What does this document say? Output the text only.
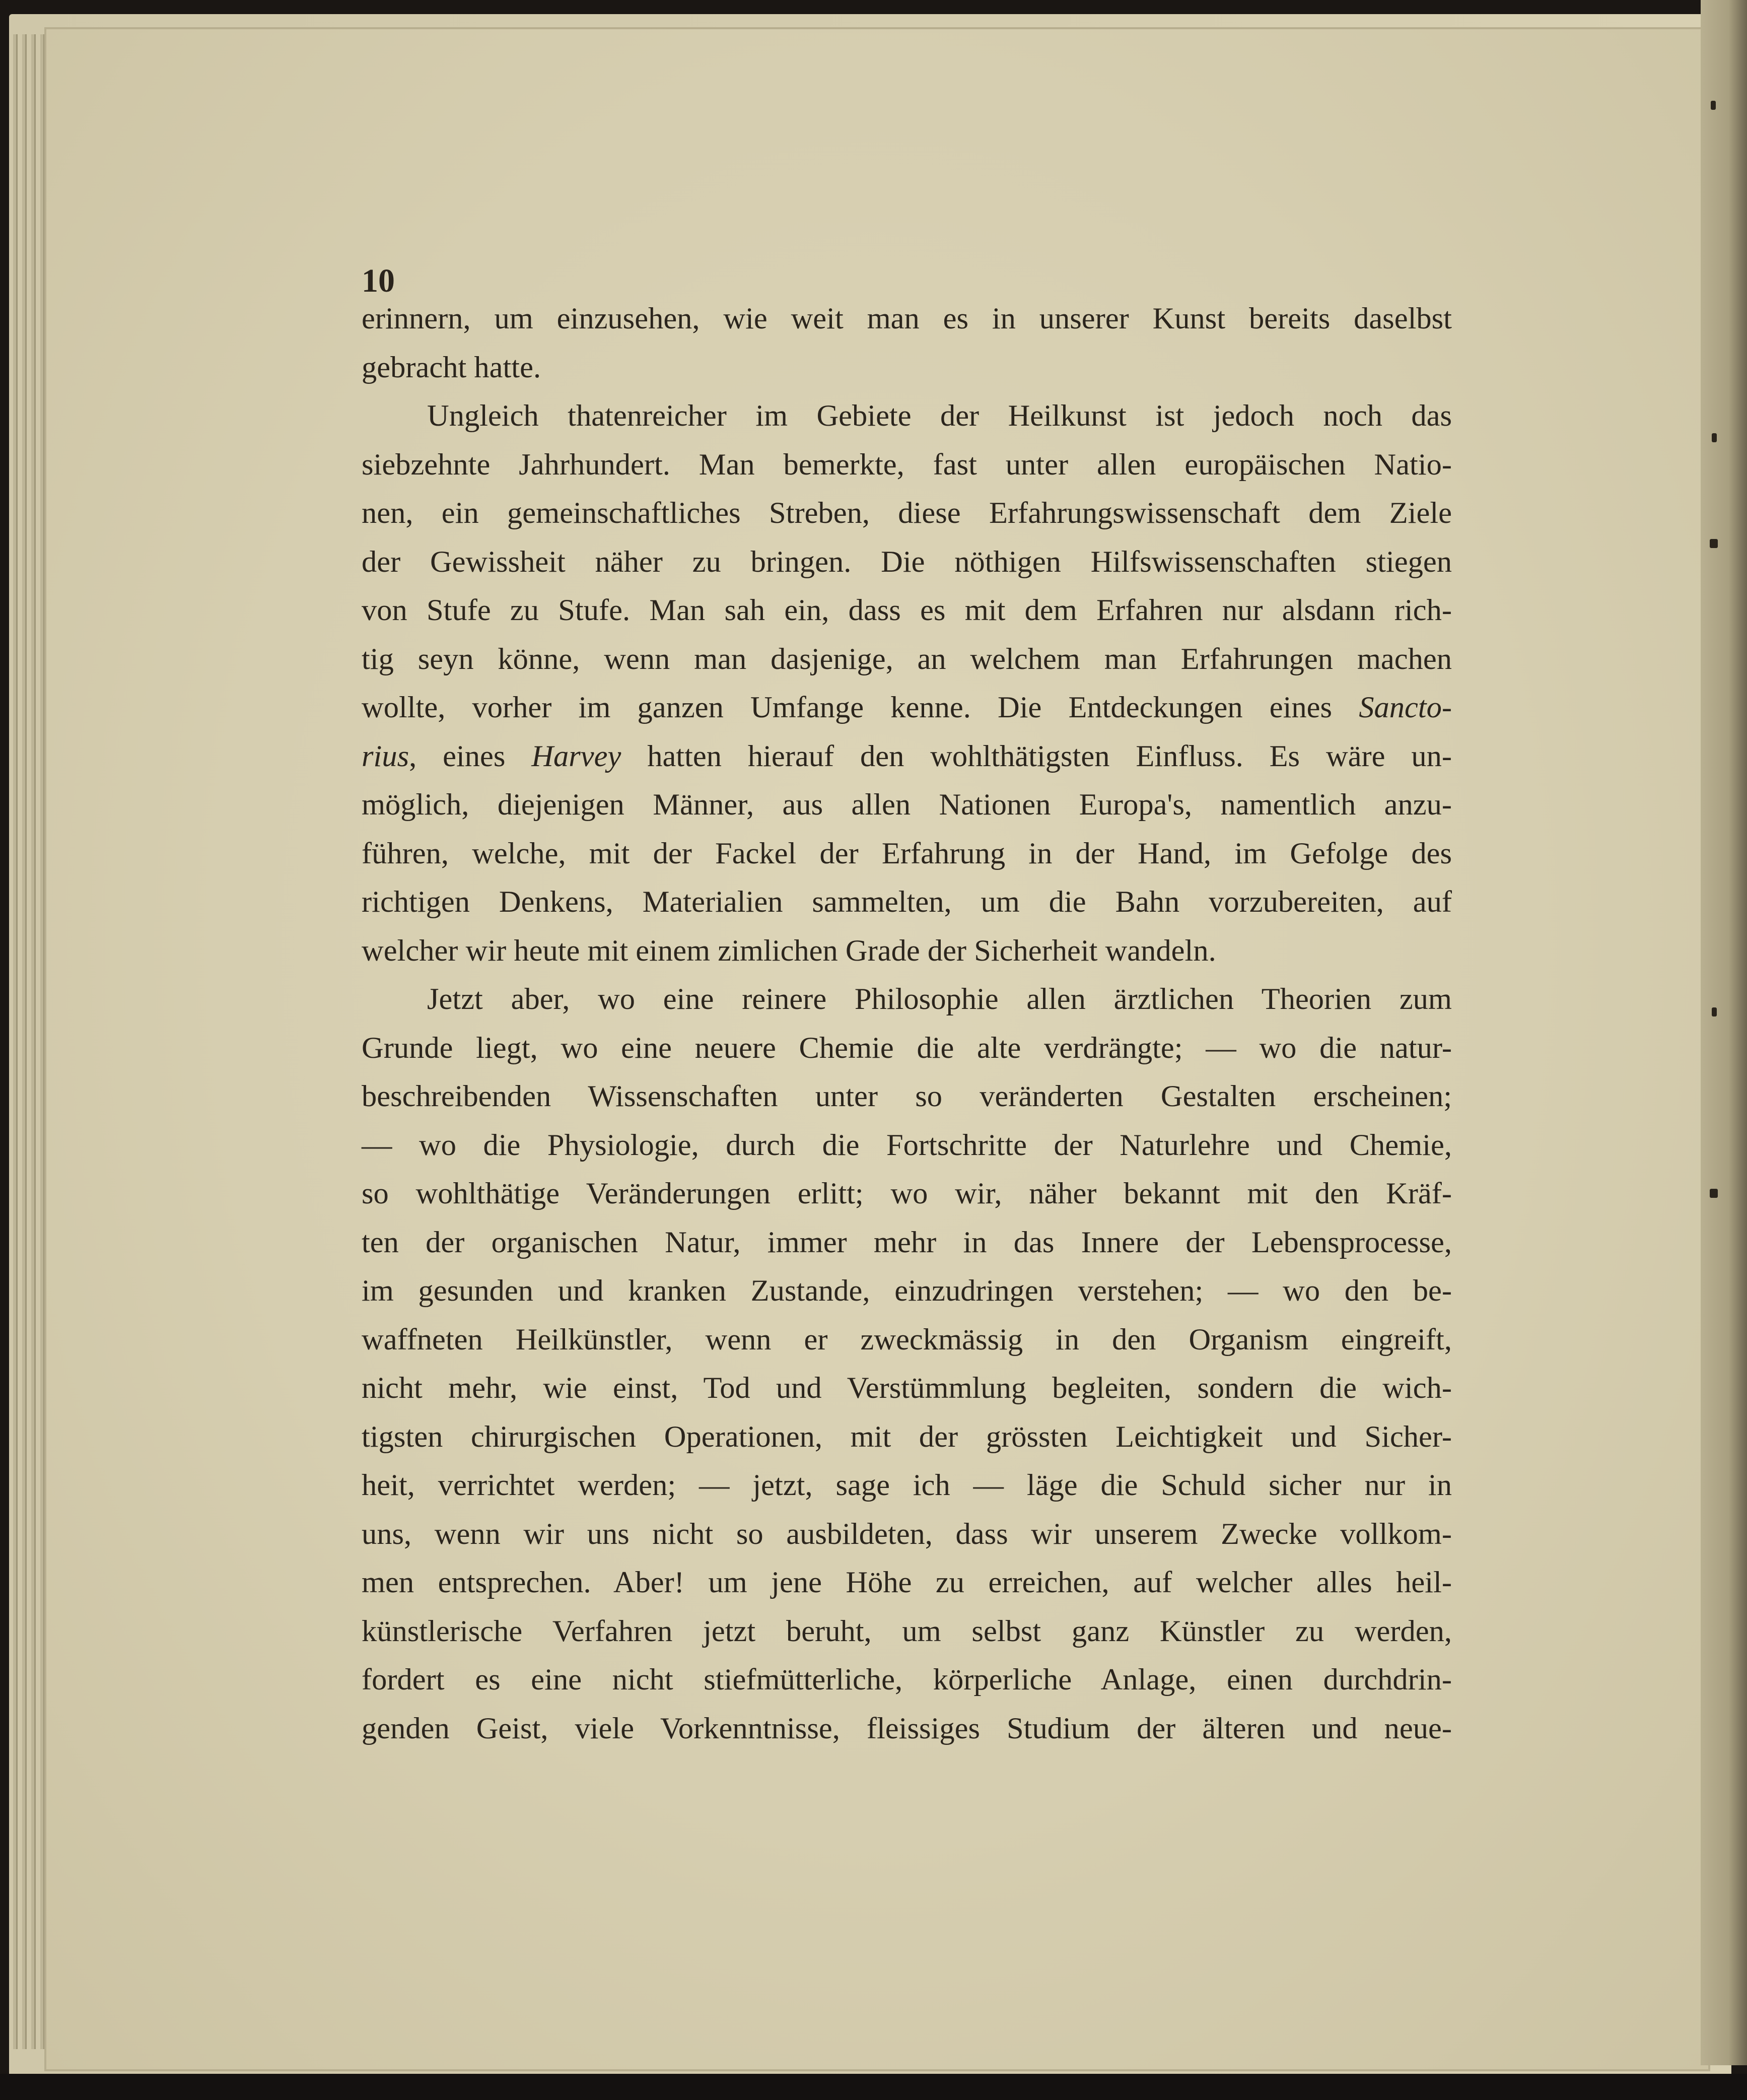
10
erinnern, um einzusehen, wie weit man es in unserer Kunst bereits daselbst
gebracht hatte.
Ungleich thatenreicher im Gebiete der Heilkunst ist jedoch noch das
siebzehnte Jahrhundert. Man bemerkte, fast unter allen europäischen Natio-
nen, ein gemeinschaftliches Streben, diese Erfahrungswissenschaft dem Ziele
der Gewissheit näher zu bringen. Die nöthigen Hilfswissenschaften stiegen
von Stufe zu Stufe. Man sah ein, dass es mit dem Erfahren nur alsdann rich-
tig seyn könne, wenn man dasjenige, an welchem man Erfahrungen machen
wollte, vorher im ganzen Umfange kenne. Die Entdeckungen eines Sancto-
rius, eines Harvey hatten hierauf den wohlthätigsten Einfluss. Es wäre un-
möglich, diejenigen Männer, aus allen Nationen Europa's, namentlich anzu-
führen, welche, mit der Fackel der Erfahrung in der Hand, im Gefolge des
richtigen Denkens, Materialien sammelten, um die Bahn vorzubereiten, auf
welcher wir heute mit einem zimlichen Grade der Sicherheit wandeln.
Jetzt aber, wo eine reinere Philosophie allen ärztlichen Theorien zum
Grunde liegt, wo eine neuere Chemie die alte verdrängte; — wo die natur-
beschreibenden Wissenschaften unter so veränderten Gestalten erscheinen;
— wo die Physiologie, durch die Fortschritte der Naturlehre und Chemie,
so wohlthätige Veränderungen erlitt; wo wir, näher bekannt mit den Kräf-
ten der organischen Natur, immer mehr in das Innere der Lebensprocesse,
im gesunden und kranken Zustande, einzudringen verstehen; — wo den be-
waffneten Heilkünstler, wenn er zweckmässig in den Organism eingreift,
nicht mehr, wie einst, Tod und Verstümmlung begleiten, sondern die wich-
tigsten chirurgischen Operationen, mit der grössten Leichtigkeit und Sicher-
heit, verrichtet werden; — jetzt, sage ich — läge die Schuld sicher nur in
uns, wenn wir uns nicht so ausbildeten, dass wir unserem Zwecke vollkom-
men entsprechen. Aber! um jene Höhe zu erreichen, auf welcher alles heil-
künstlerische Verfahren jetzt beruht, um selbst ganz Künstler zu werden,
fordert es eine nicht stiefmütterliche, körperliche Anlage, einen durchdrin-
genden Geist, viele Vorkenntnisse, fleissiges Studium der älteren und neue-
